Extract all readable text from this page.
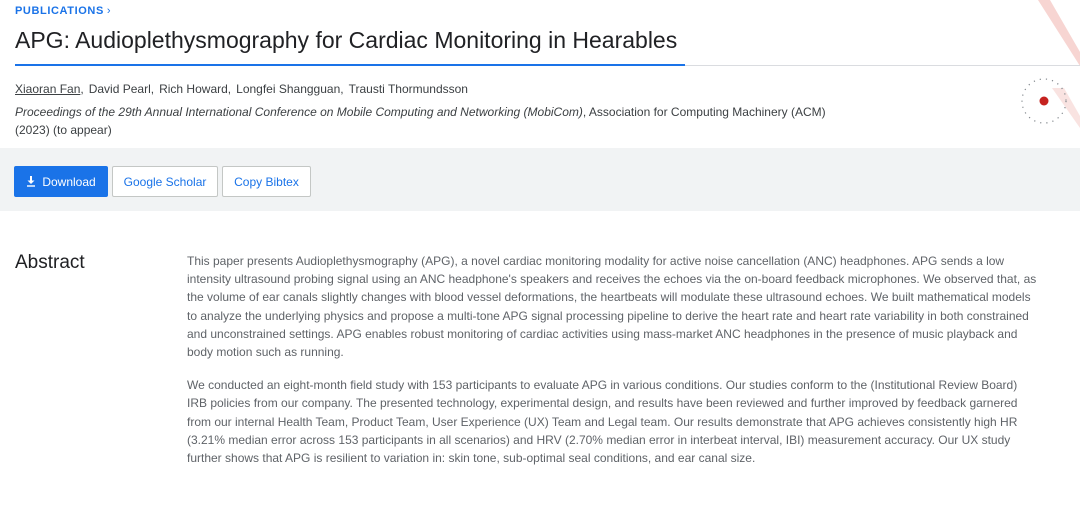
PUBLICATIONS ›
APG: Audioplethysmography for Cardiac Monitoring in Hearables
Xiaoran Fan, David Pearl, Rich Howard, Longfei Shangguan, Trausti Thormundsson
Proceedings of the 29th Annual International Conference on Mobile Computing and Networking (MobiCom), Association for Computing Machinery (ACM) (2023) (to appear)
Download	Google Scholar	Copy Bibtex
Abstract	This paper presents Audioplethysmography (APG), a novel cardiac monitoring modality for active noise cancellation (ANC) headphones. APG sends a low intensity ultrasound probing signal using an ANC headphone's speakers and receives the echoes via the on-board feedback microphones. We observed that, as the volume of ear canals slightly changes with blood vessel deformations, the heartbeats will modulate these ultrasound echoes. We built mathematical models to analyze the underlying physics and propose a multi-tone APG signal processing pipeline to derive the heart rate and heart rate variability in both constrained and unconstrained settings. APG enables robust monitoring of cardiac activities using mass-market ANC headphones in the presence of music playback and body motion such as running.

We conducted an eight-month field study with 153 participants to evaluate APG in various conditions. Our studies conform to the (Institutional Review Board) IRB policies from our company. The presented technology, experimental design, and results have been reviewed and further improved by feedback garnered from our internal Health Team, Product Team, User Experience (UX) Team and Legal team. Our results demonstrate that APG achieves consistently high HR (3.21% median error across 153 participants in all scenarios) and HRV (2.70% median error in interbeat interval, IBI) measurement accuracy. Our UX study further shows that APG is resilient to variation in: skin tone, sub-optimal seal conditions, and ear canal size.
